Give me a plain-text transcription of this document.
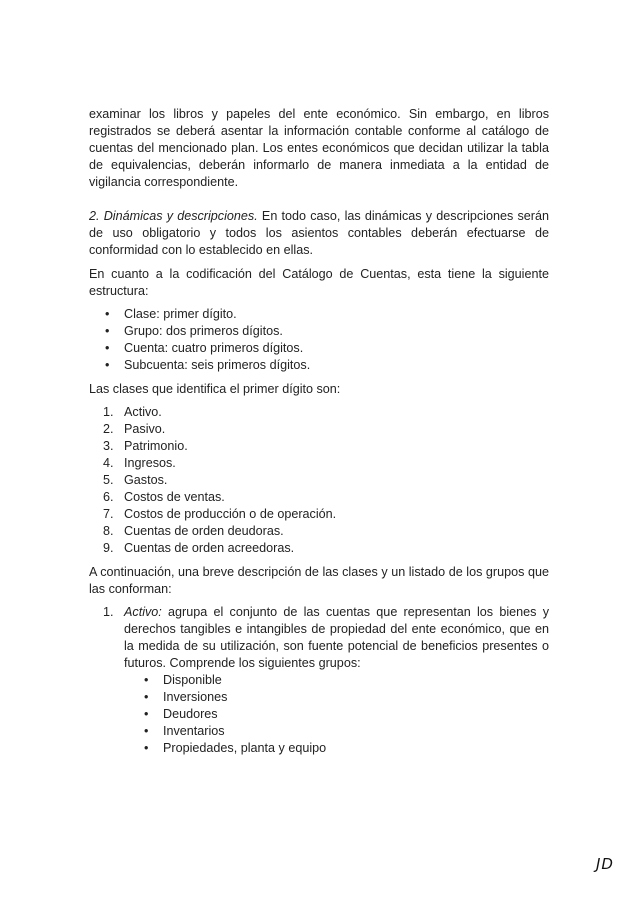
examinar los libros y papeles del ente económico. Sin embargo, en libros registrados se deberá asentar la información contable conforme al catálogo de cuentas del mencionado plan. Los entes económicos que decidan utilizar la tabla de equivalencias, deberán informarlo de manera inmediata a la entidad de vigilancia correspondiente.

2. Dinámicas y descripciones. En todo caso, las dinámicas y descripciones serán de uso obligatorio y todos los asientos contables deberán efectuarse de conformidad con lo establecido en ellas.

En cuanto a la codificación del Catálogo de Cuentas, esta tiene la siguiente estructura:

• Clase: primer dígito.
• Grupo: dos primeros dígitos.
• Cuenta: cuatro primeros dígitos.
• Subcuenta: seis primeros dígitos.

Las clases que identifica el primer dígito son:

1. Activo.
2. Pasivo.
3. Patrimonio.
4. Ingresos.
5. Gastos.
6. Costos de ventas.
7. Costos de producción o de operación.
8. Cuentas de orden deudoras.
9. Cuentas de orden acreedoras.

A continuación, una breve descripción de las clases y un listado de los grupos que las conforman:

1. Activo: agrupa el conjunto de las cuentas que representan los bienes y derechos tangibles e intangibles de propiedad del ente económico, que en la medida de su utilización, son fuente potencial de beneficios presentes o futuros. Comprende los siguientes grupos:

• Disponible
• Inversiones
• Deudores
• Inventarios
• Propiedades, planta y equipo
JD
